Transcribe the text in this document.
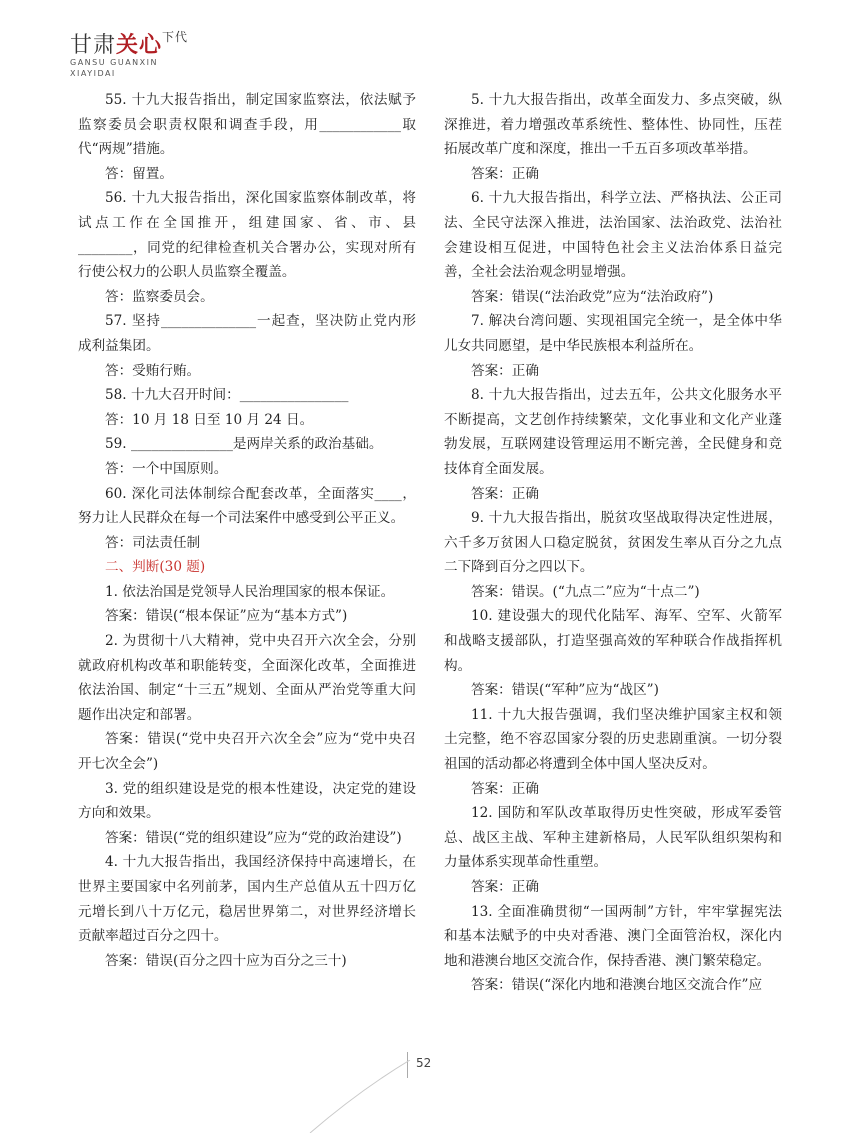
甘肃关心$^{下代}$
GANSU GUANXIN
XIAYIDAI

55. 十九大报告指出，制定国家监察法，依法赋予监察委员会职责权限和调查手段，用____________取代“两规”措施。

答：留置。

56. 十九大报告指出，深化国家监察体制改革，将试点工作在全国推开，组建国家、省、市、县________，同党的纪律检查机关合署办公，实现对所有行使公权力的公职人员监察全覆盖。

答：监察委员会。

57. 坚持______________一起查，坚决防止党内形成利益集团。

答：受贿行贿。

58. 十九大召开时间：________________

答：10 月 18 日至 10 月 24 日。

59. _______________是两岸关系的政治基础。

答：一个中国原则。

60. 深化司法体制综合配套改革，全面落实____，努力让人民群众在每一个司法案件中感受到公平正义。

答：司法责任制

二、判断(30 题)

1. 依法治国是党领导人民治理国家的根本保证。

答案：错误(“根本保证”应为“基本方式”)

2. 为贯彻十八大精神，党中央召开六次全会，分别就政府机构改革和职能转变，全面深化改革，全面推进依法治国、制定“十三五”规划、全面从严治党等重大问题作出决定和部署。

答案：错误(“党中央召开六次全会”应为“党中央召开七次全会”)

3. 党的组织建设是党的根本性建设，决定党的建设方向和效果。

答案：错误(“党的组织建设”应为“党的政治建设”)

4. 十九大报告指出，我国经济保持中高速增长，在世界主要国家中名列前茅，国内生产总值从五十四万亿元增长到八十万亿元，稳居世界第二，对世界经济增长贡献率超过百分之四十。

答案：错误(百分之四十应为百分之三十)

5. 十九大报告指出，改革全面发力、多点突破，纵深推进，着力增强改革系统性、整体性、协同性，压茬拓展改革广度和深度，推出一千五百多项改革举措。

答案：正确

6. 十九大报告指出，科学立法、严格执法、公正司法、全民守法深入推进，法治国家、法治政党、法治社会建设相互促进，中国特色社会主义法治体系日益完善，全社会法治观念明显增强。

答案：错误(“法治政党”应为“法治政府”)

7. 解决台湾问题、实现祖国完全统一，是全体中华儿女共同愿望，是中华民族根本利益所在。

答案：正确

8. 十九大报告指出，过去五年，公共文化服务水平不断提高，文艺创作持续繁荣，文化事业和文化产业蓬勃发展，互联网建设管理运用不断完善，全民健身和竞技体育全面发展。

答案：正确

9. 十九大报告指出，脱贫攻坚战取得决定性进展，六千多万贫困人口稳定脱贫，贫困发生率从百分之九点二下降到百分之四以下。

答案：错误。(“九点二”应为“十点二”)

10. 建设强大的现代化陆军、海军、空军、火箭军和战略支援部队，打造坚强高效的军种联合作战指挥机构。

答案：错误(“军种”应为“战区”)

11. 十九大报告强调，我们坚决维护国家主权和领土完整，绝不容忍国家分裂的历史悲剧重演。一切分裂祖国的活动都必将遭到全体中国人坚决反对。

答案：正确

12. 国防和军队改革取得历史性突破，形成军委管总、战区主战、军种主建新格局，人民军队组织架构和力量体系实现革命性重塑。

答案：正确

13. 全面准确贯彻“一国两制”方针，牢牢掌握宪法和基本法赋予的中央对香港、澳门全面管治权，深化内地和港澳台地区交流合作，保持香港、澳门繁荣稳定。

答案：错误(“深化内地和港澳台地区交流合作”应

52
